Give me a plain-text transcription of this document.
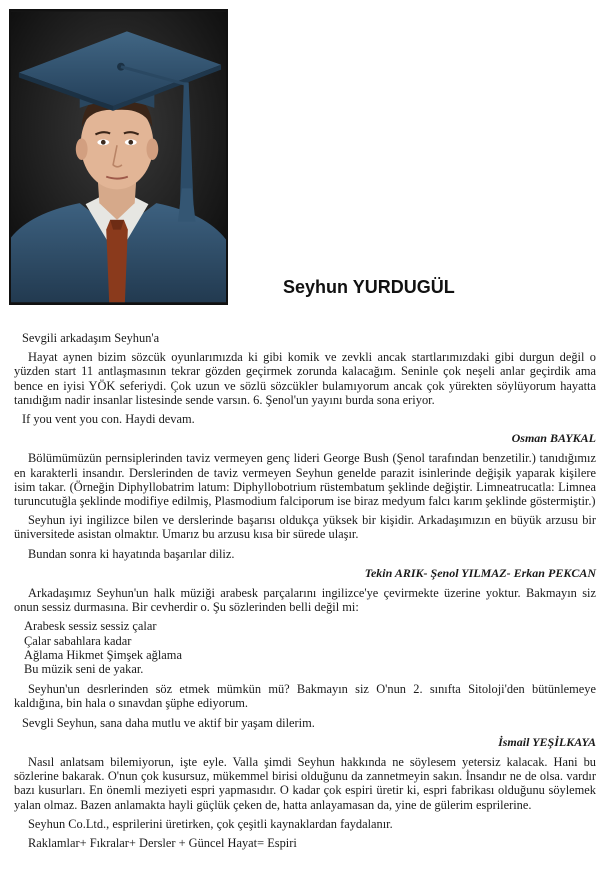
Seyhun YURDUGÜL

Sevgili arkadaşım Seyhun'a

Hayat aynen bizim sözcük oyunlarımızda ki gibi komik ve zevkli ancak startlarımızdaki gibi durgun değil o yüzden start 11 antlaşmasının tekrar gözden geçirmek zorunda kalacağım. Seninle çok neşeli anlar geçirdik ama bence en iyisi YÖK seferiydi. Çok uzun ve sözlü sözcükler bulamıyorum ancak çok yürekten söylüyorum hayatta tanıdığım nadir insanlar listesinde sende varsın. 6. Şenol'un yayını burda sona eriyor.

If you vent you con. Haydi devam.

Osman BAYKAL

Bölümümüzün pernsiplerinden taviz vermeyen genç lideri George Bush (Şenol tarafından benzetilir.) tanıdığımız en karakterli insandır. Derslerinden de taviz vermeyen Seyhun genelde parazit isinlerinde değişik yaparak kişilere isim takar. (Örneğin Diphyllobatrim latum: Diphyllobotrium rüstembatum şeklinde değiştir. Limneatrucatla: Limnea turuncutuğla şeklinde modifiye edilmiş, Plasmodium falciporum ise biraz medyum falcı karım şeklinde göstermiştir.)

Seyhun iyi ingilizce bilen ve derslerinde başarısı oldukça yüksek bir kişidir. Arkadaşımızın en büyük arzusu bir üniversitede asistan olmaktır. Umarız bu arzusu kısa bir sürede ulaşır.

Bundan sonra ki hayatında başarılar diliz.

Tekin ARIK- Şenol YILMAZ- Erkan PEKCAN

Arkadaşımız Seyhun'un halk müziği arabesk parçalarını ingilizce'ye çevirmekte üzerine yoktur. Bakmayın siz onun sessiz durmasına. Bir cevherdir o. Şu sözlerinden belli değil mi:

Arabesk sessiz sessiz çalar
Çalar sabahlara kadar
Ağlama Hikmet Şimşek ağlama
Bu müzik seni de yakar.

Seyhun'un desrlerinden söz etmek mümkün mü? Bakmayın siz O'nun 2. sınıfta Sitoloji'den bütünlemeye kaldığına, bin hala o sınavdan şüphe ediyorum.

Sevgli Seyhun, sana daha mutlu ve aktif bir yaşam dilerim.

İsmail YEŞİLKAYA

Nasıl anlatsam bilemiyorun, işte eyle. Valla şimdi Seyhun hakkında ne söylesem yetersiz kalacak. Hani bu sözlerine bakarak. O'nun çok kusursuz, mükemmel birisi olduğunu da zannetmeyin sakın. İnsandır ne de olsa. vardır bazı kusurları. En önemli meziyeti espri yapmasıdır. O kadar çok espiri üretir ki, espri fabrikası olduğunu söylemek yalan olmaz. Bazen anlamakta hayli güçlük çeken de, hatta anlayamasan da, yine de gülerim esprilerine.

Seyhun Co.Ltd., esprilerini üretirken, çok çeşitli kaynaklardan faydalanır.

Raklamlar+ Fıkralar+ Dersler + Güncel Hayat= Espiri
